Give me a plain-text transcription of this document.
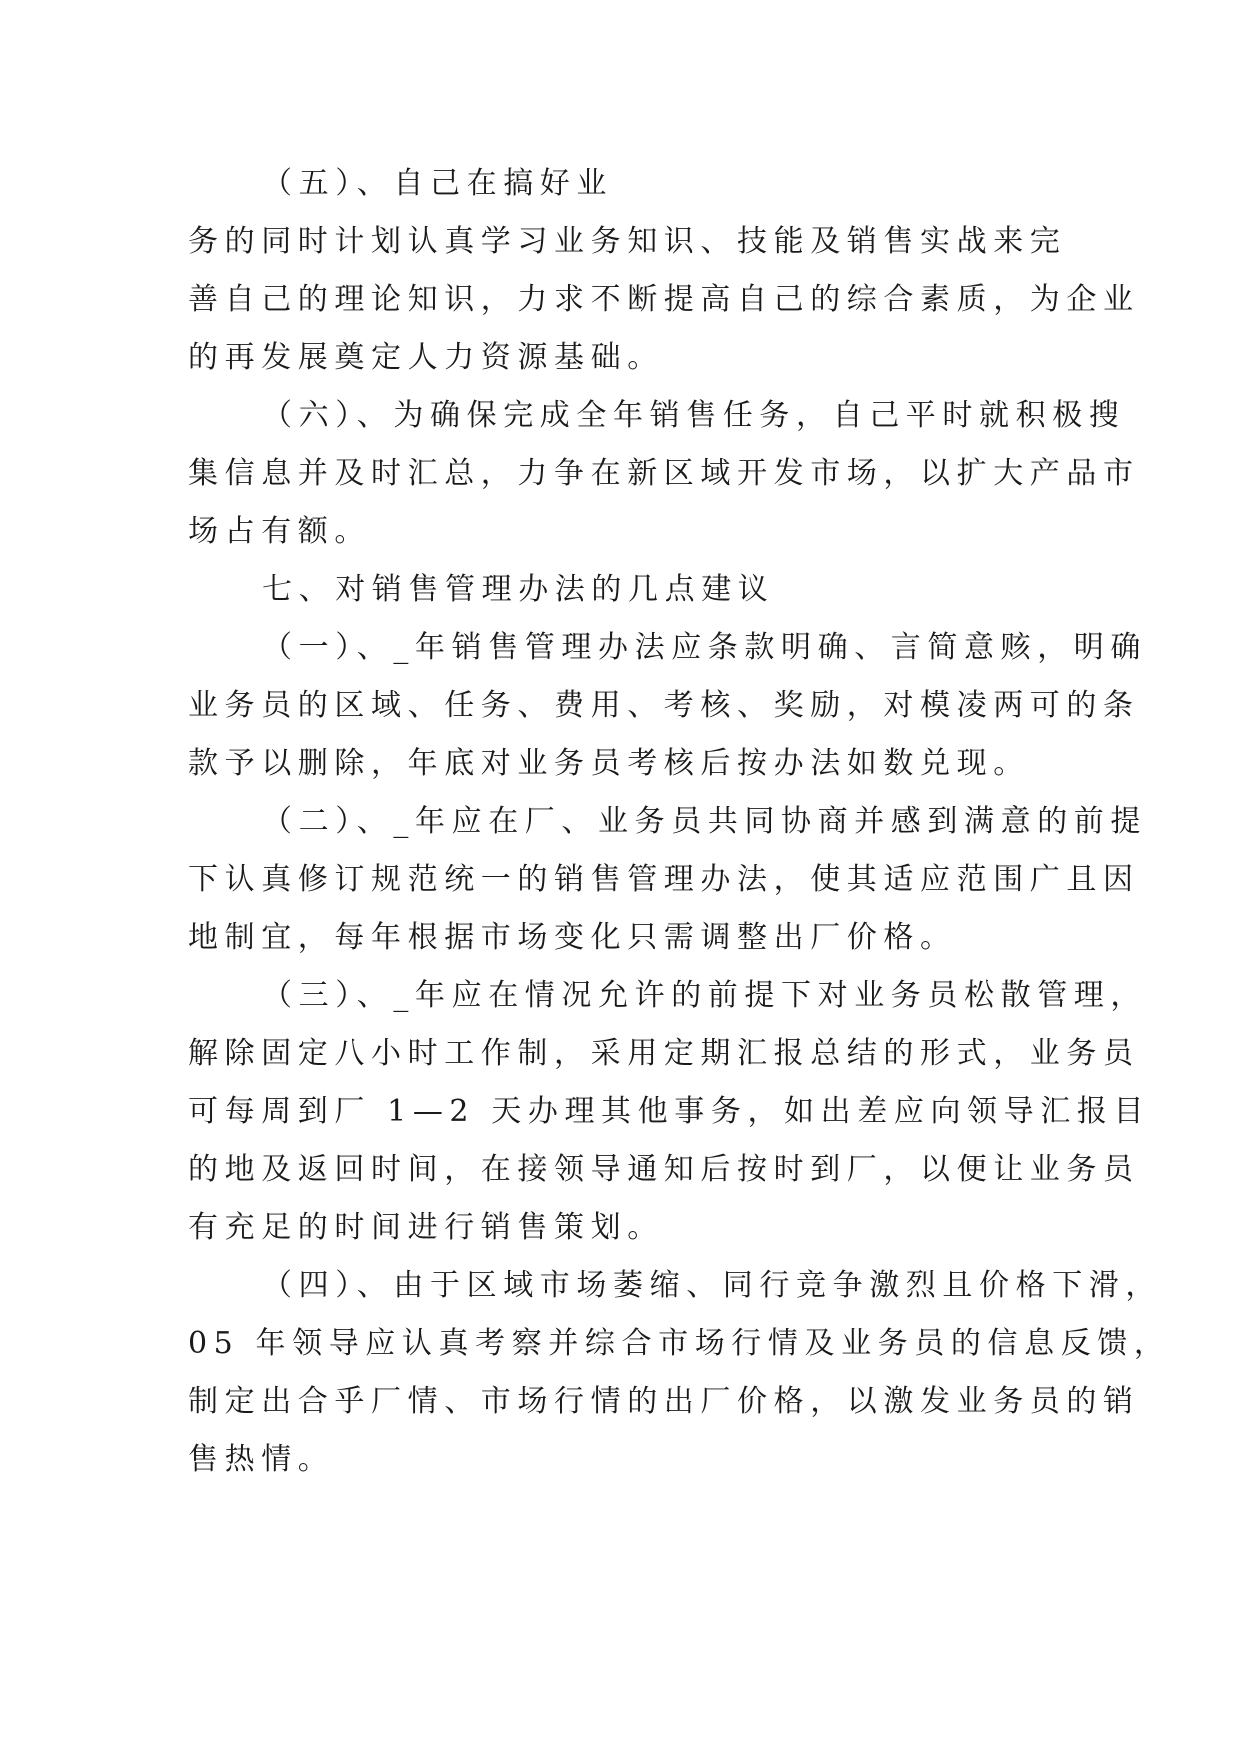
（五）、自己在搞好业
务的同时计划认真学习业务知识、技能及销售实战来完
善自己的理论知识，力求不断提高自己的综合素质，为企业
的再发展奠定人力资源基础。
（六）、为确保完成全年销售任务，自己平时就积极搜
集信息并及时汇总，力争在新区域开发市场，以扩大产品市
场占有额。
七、对销售管理办法的几点建议
（一）、_年销售管理办法应条款明确、言简意赅，明确
业务员的区域、任务、费用、考核、奖励，对模凌两可的条
款予以删除，年底对业务员考核后按办法如数兑现。
（二）、_年应在厂、业务员共同协商并感到满意的前提
下认真修订规范统一的销售管理办法，使其适应范围广且因
地制宜，每年根据市场变化只需调整出厂价格。
（三）、_年应在情况允许的前提下对业务员松散管理，
解除固定八小时工作制，采用定期汇报总结的形式，业务员
可每周到厂 1—2 天办理其他事务，如出差应向领导汇报目
的地及返回时间，在接领导通知后按时到厂，以便让业务员
有充足的时间进行销售策划。
（四）、由于区域市场萎缩、同行竞争激烈且价格下滑，
05 年领导应认真考察并综合市场行情及业务员的信息反馈，
制定出合乎厂情、市场行情的出厂价格，以激发业务员的销
售热情。
